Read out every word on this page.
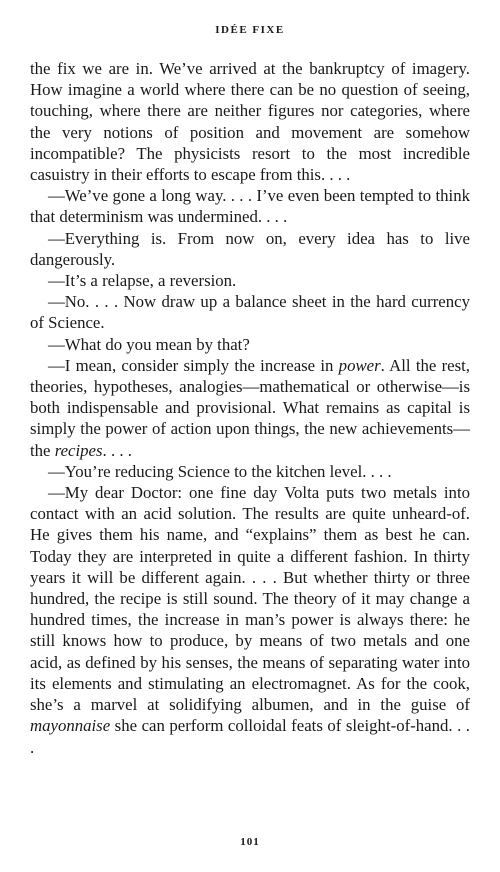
IDÉE FIXE

the fix we are in. We’ve arrived at the bankruptcy of imagery. How imagine a world where there can be no question of seeing, touching, where there are neither figures nor categories, where the very notions of position and movement are somehow incompatible? The physicists resort to the most incredible casuistry in their efforts to escape from this. . . .

—We’ve gone a long way. . . . I’ve even been tempted to think that determinism was undermined. . . .

—Everything is. From now on, every idea has to live dangerously.

—It’s a relapse, a reversion.

—No. . . . Now draw up a balance sheet in the hard currency of Science.

—What do you mean by that?

—I mean, consider simply the increase in power. All the rest, theories, hypotheses, analogies—mathematical or otherwise—is both indispensable and provisional. What remains as capital is simply the power of action upon things, the new achievements—the recipes. . . .

—You’re reducing Science to the kitchen level. . . .

—My dear Doctor: one fine day Volta puts two metals into contact with an acid solution. The results are quite unheard-of. He gives them his name, and “explains” them as best he can. Today they are interpreted in quite a different fashion. In thirty years it will be different again. . . . But whether thirty or three hundred, the recipe is still sound. The theory of it may change a hundred times, the increase in man’s power is always there: he still knows how to produce, by means of two metals and one acid, as defined by his senses, the means of separating water into its elements and stimulating an electromagnet. As for the cook, she’s a marvel at solidifying albumen, and in the guise of mayonnaise she can perform colloidal feats of sleight-of-hand. . . .

101
